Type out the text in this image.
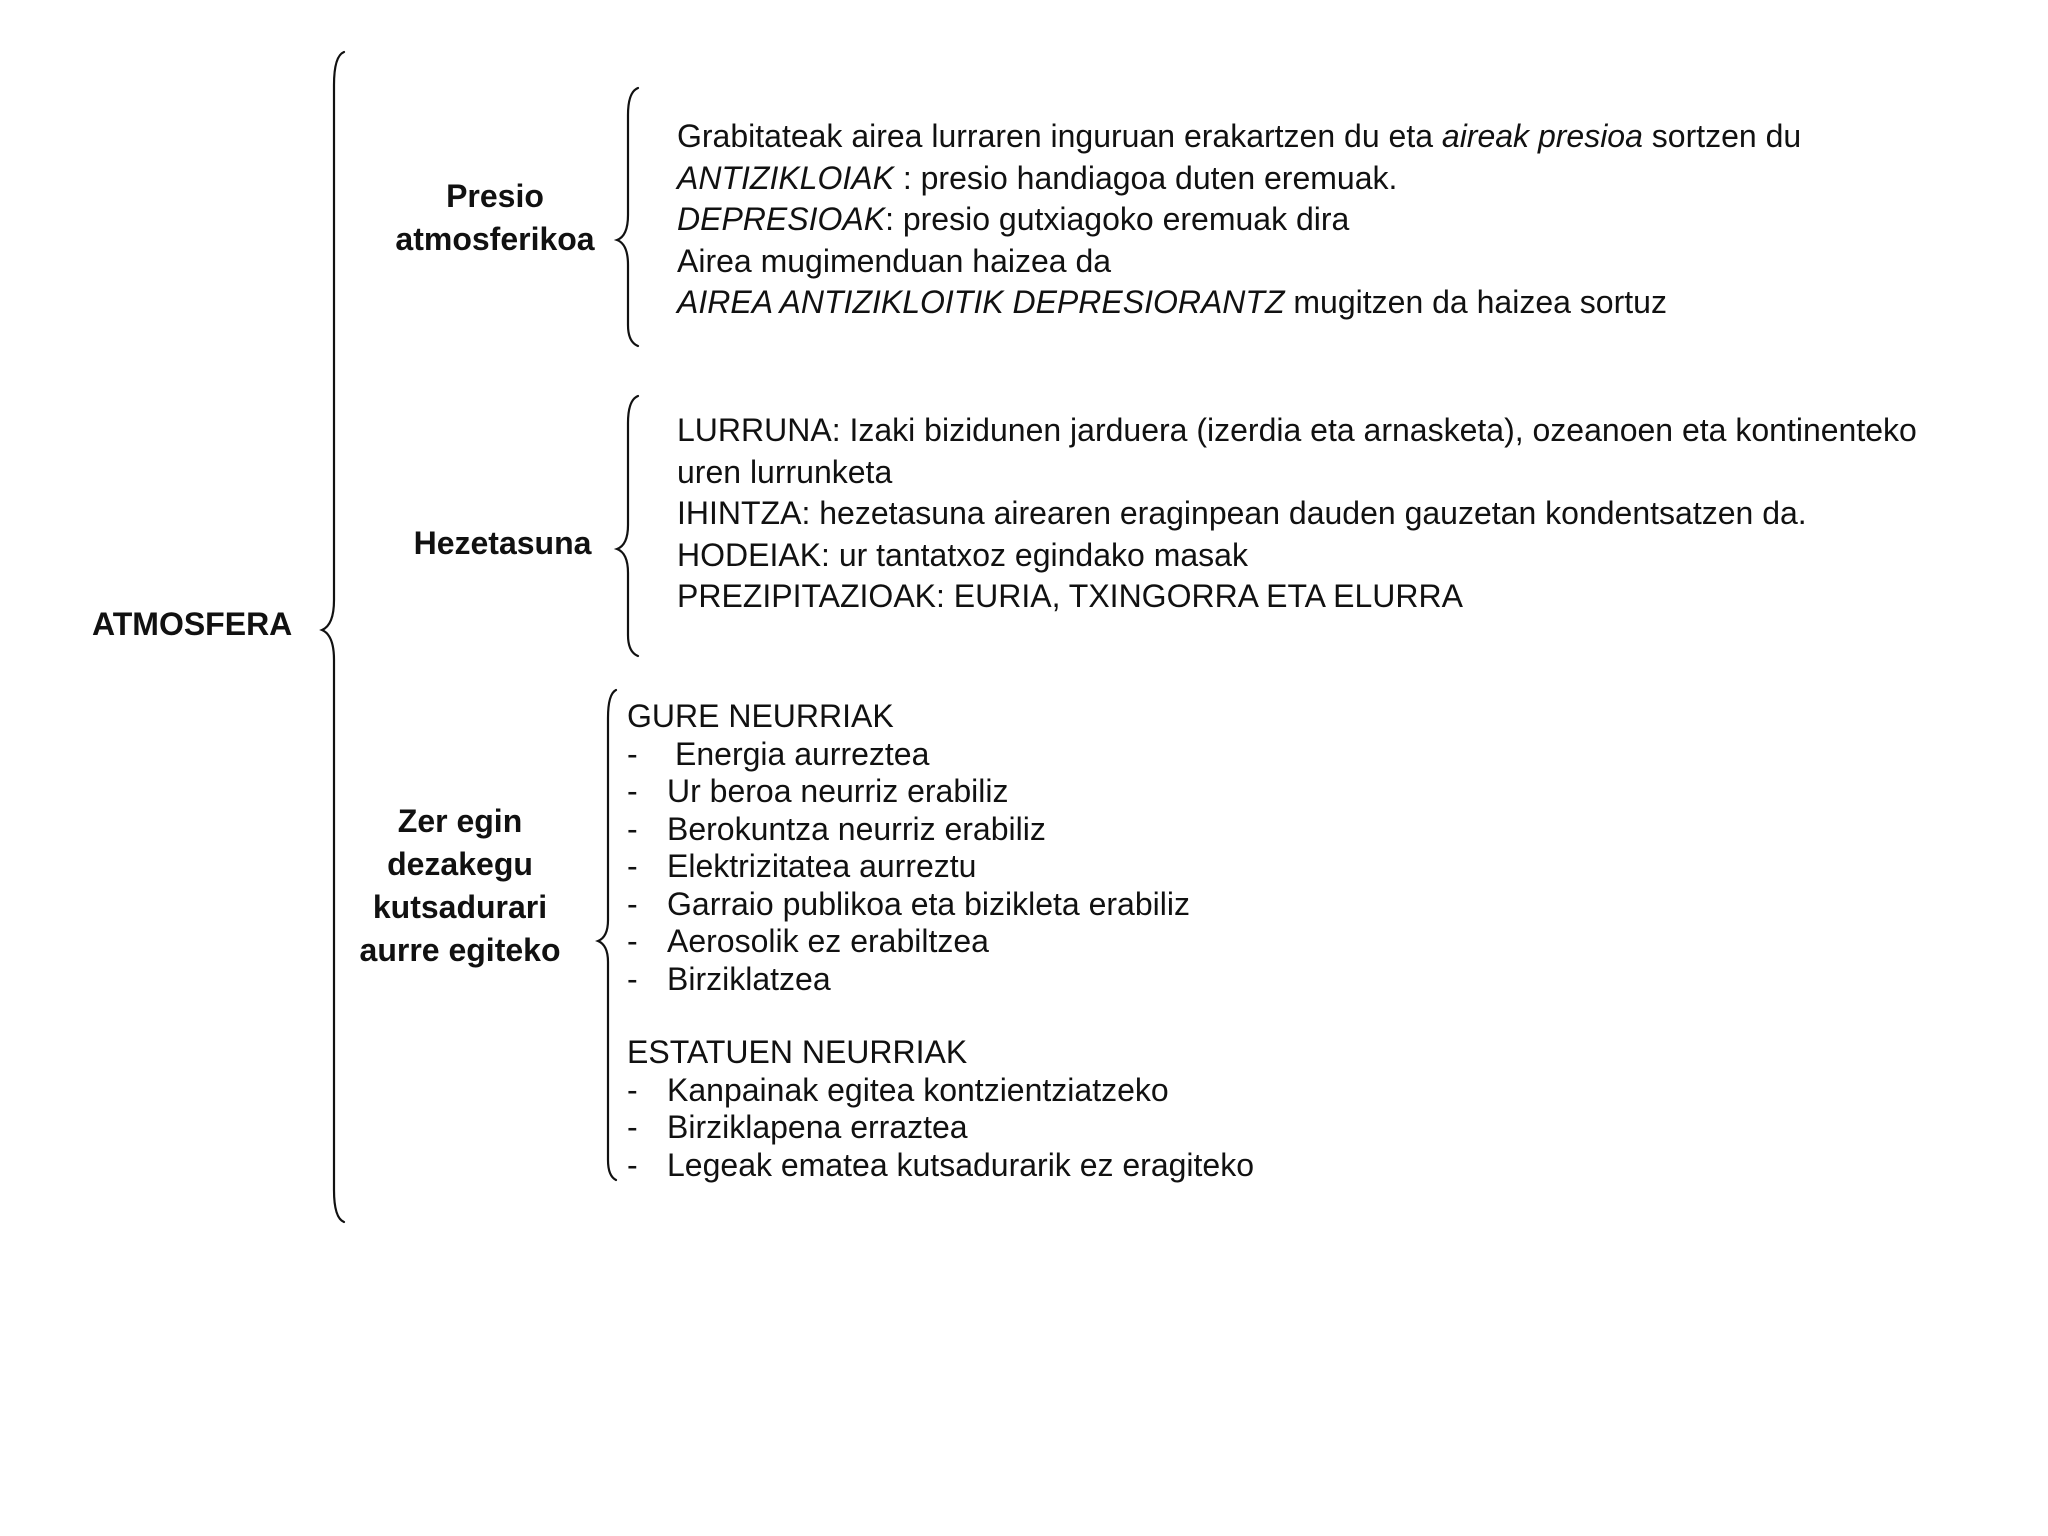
ATMOSFERA
Presio
atmosferikoa
Grabitateak airea lurraren inguruan erakartzen du eta aireak presioa sortzen du
ANTIZIKLOIAK : presio handiagoa duten eremuak.
DEPRESIOAK: presio gutxiagoko eremuak dira
Airea mugimenduan haizea da
AIREA ANTIZIKLOITIK DEPRESIORANTZ mugitzen da haizea sortuz
Hezetasuna
LURRUNA: Izaki bizidunen jarduera (izerdia eta arnasketa), ozeanoen eta kontinenteko
uren lurrunketa
IHINTZA: hezetasuna airearen eraginpean dauden gauzetan kondentsatzen da.
HODEIAK: ur tantatxoz egindako masak
PREZIPITAZIOAK: EURIA, TXINGORRA ETA ELURRA
Zer egin
dezakegu
kutsadurari
aurre egiteko
GURE NEURRIAK
- Energia aurreztea
- Ur beroa neurriz erabiliz
- Berokuntza neurriz erabiliz
- Elektrizitatea aurreztu
- Garraio publikoa eta bizikleta erabiliz
- Aerosolik ez erabiltzea
- Birziklatzea
ESTATUEN NEURRIAK
- Kanpainak egitea kontzientziatzeko
- Birziklapena erraztea
- Legeak ematea kutsadurarik ez eragiteko
